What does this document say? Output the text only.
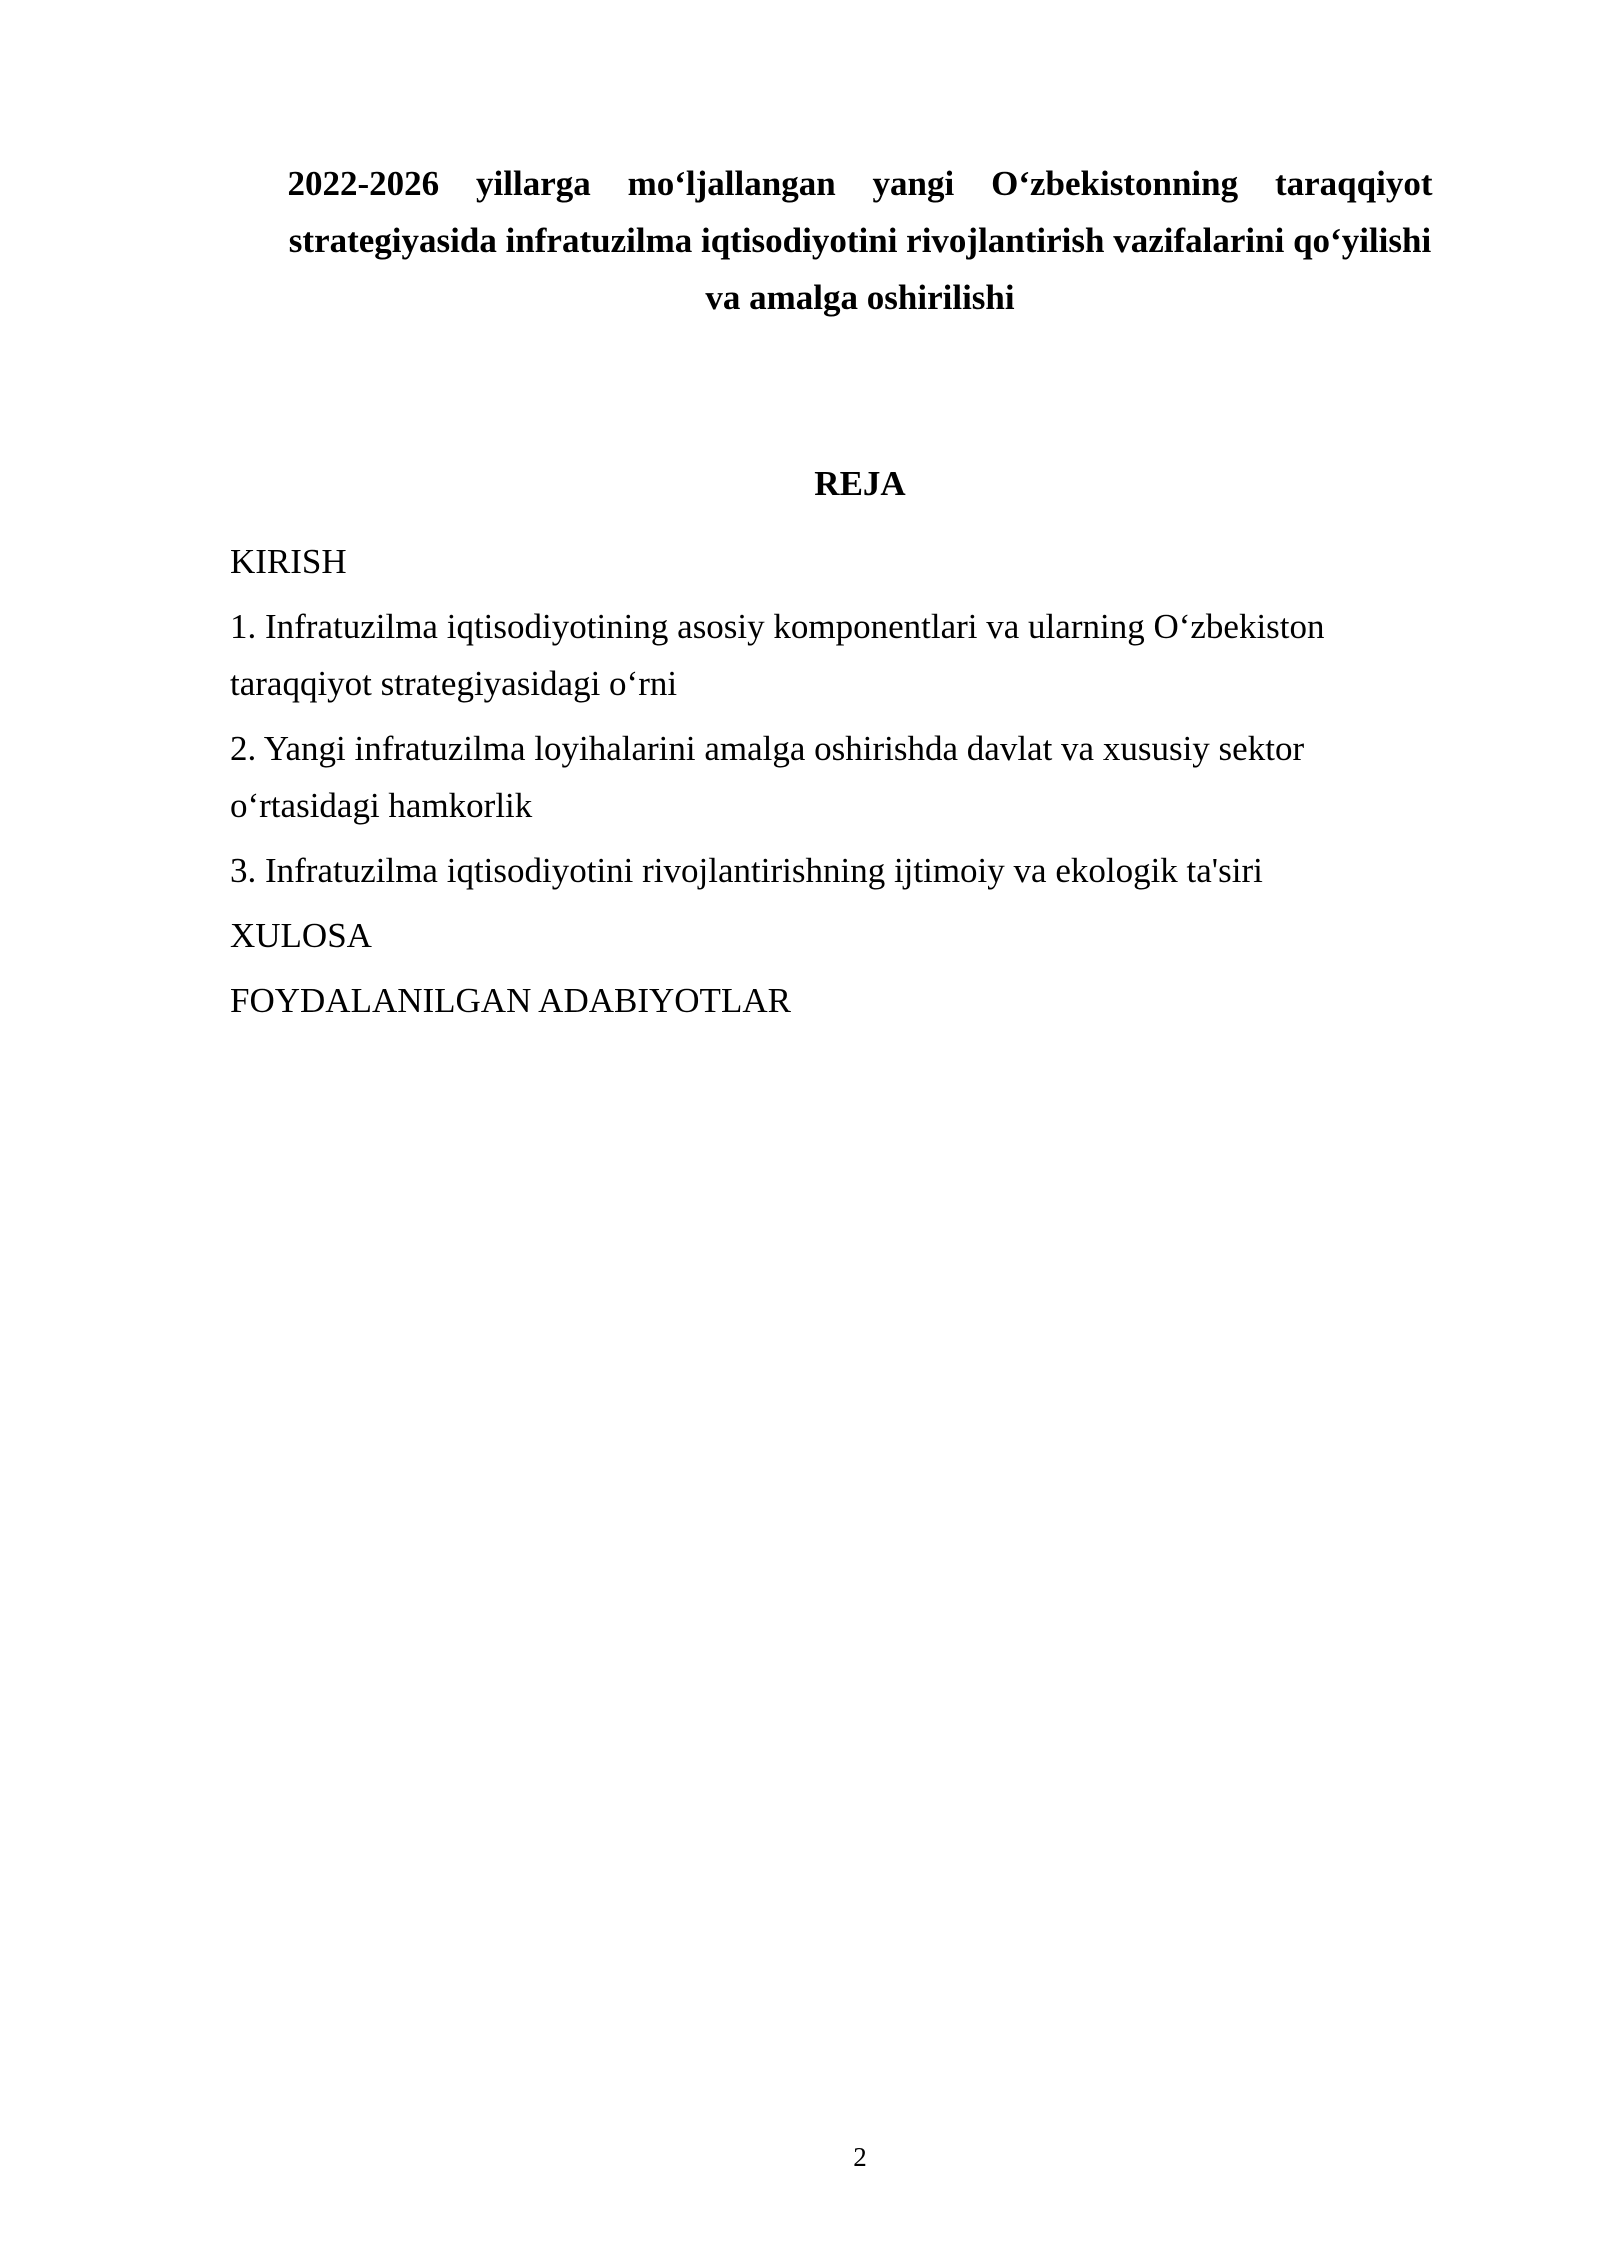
2022-2026 yillarga mo‘ljallangan yangi O‘zbekistonning taraqqiyot
strategiyasida infratuzilma iqtisodiyotini rivojlantirish vazifalarini qo‘yilishi
va amalga oshirilishi
REJA
KIRISH
1. Infratuzilma iqtisodiyotining asosiy komponentlari va ularning O‘zbekiston taraqqiyot strategiyasidagi o‘rni
2. Yangi infratuzilma loyihalarini amalga oshirishda davlat va xususiy sektor o‘rtasidagi hamkorlik
3. Infratuzilma iqtisodiyotini rivojlantirishning ijtimoiy va ekologik ta'siri
XULOSA
FOYDALANILGAN ADABIYOTLAR
2
